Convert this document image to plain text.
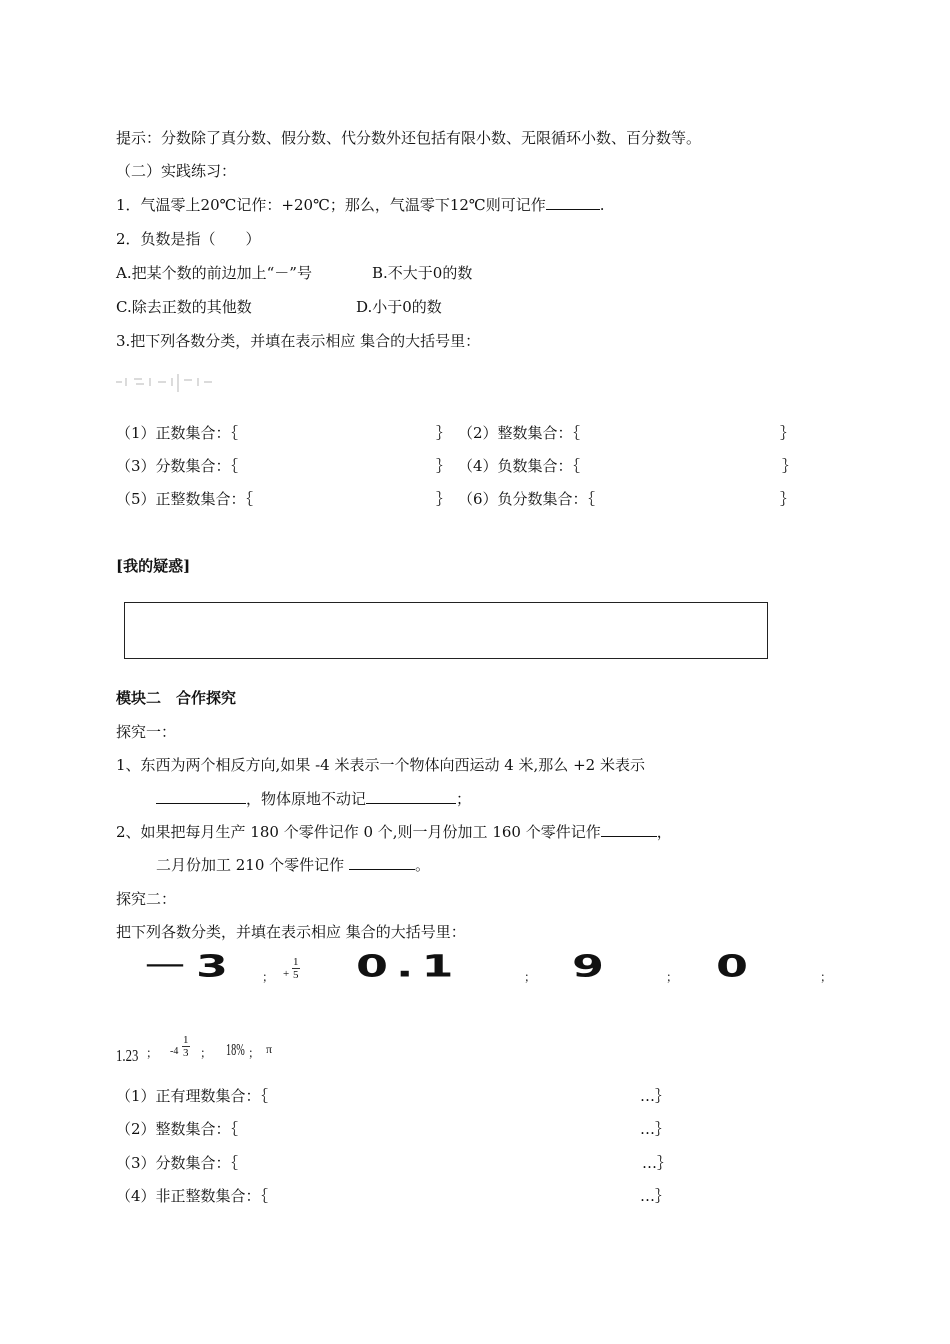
提示：分数除了真分数、假分数、代分数外还包括有限小数、无限循环小数、百分数等。
（二）实践练习：
1．气温零上20℃记作：+20℃；那么，气温零下12℃则可记作	.
2．负数是指（　　）
A.把某个数的前边加上“－”号	B.不大于0的数
C.除去正数的其他数	D.小于0的数
3.把下列各数分类，并填在表示相应 集合的大括号里：
（1）正数集合：｛	｝ （2）整数集合：｛	｝
（3）分数集合：｛	｝ （4）负数集合：｛	｝
（5）正整数集合：｛	｝ （6）负分数集合：｛	｝
[我的疑惑]
模块二　合作探究
探究一：
1、东西为两个相反方向,如果 -4 米表示一个物体向西运动 4 米,那么 +2 米表示
，物体原地不动记	；
2、如果把每月生产 180 个零件记作 0 个,则一月份加工 160 个零件记作	，
二月份加工 210 个零件记作	。
探究二：
把下列各数分类，并填在表示相应 集合的大括号里：
－3 ； + $\frac{1}{5} 0.1$	； 9	； 0	；
1.23 ； $-4 \frac{1}{3}$ ； 18% ； π
（1）正有理数集合：｛	…｝
（2）整数集合：｛	…｝
（3）分数集合：｛	…｝
（4）非正整数集合：｛	…｝
